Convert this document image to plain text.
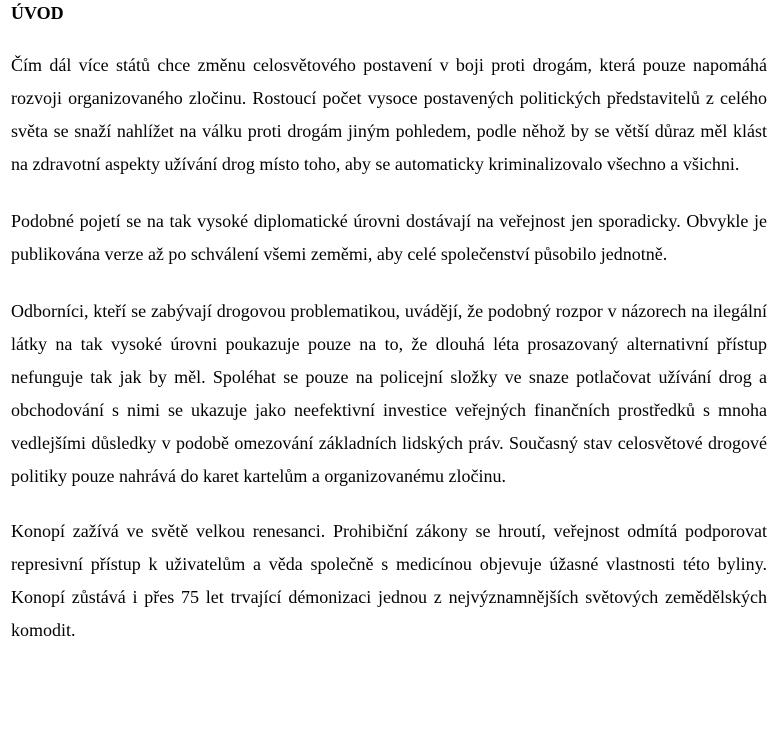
ÚVOD

Čím dál více států chce změnu celosvětového postavení v boji proti drogám, která pouze napomáhá rozvoji organizovaného zločinu. Rostoucí počet vysoce postavených politických představitelů z celého světa se snaží nahlížet na válku proti drogám jiným pohledem, podle něhož by se větší důraz měl klást na zdravotní aspekty užívání drog místo toho, aby se automaticky kriminalizovalo všechno a všichni.

Podobné pojetí se na tak vysoké diplomatické úrovni dostávají na veřejnost jen sporadicky. Obvykle je publikována verze až po schválení všemi zeměmi, aby celé společenství působilo jednotně.

Odborníci, kteří se zabývají drogovou problematikou, uvádějí, že podobný rozpor v názorech na ilegální látky na tak vysoké úrovni poukazuje pouze na to, že dlouhá léta prosazovaný alternativní přístup nefunguje tak jak by měl. Spoléhat se pouze na policejní složky ve snaze potlačovat užívání drog a obchodování s nimi se ukazuje jako neefektivní investice veřejných finančních prostředků s mnoha vedlejšími důsledky v podobě omezování základních lidských práv. Současný stav celosvětové drogové politiky pouze nahrává do karet kartelům a organizovanému zločinu.

Konopí zažívá ve světě velkou renesanci. Prohibiční zákony se hroutí, veřejnost odmítá podporovat represivní přístup k uživatelům a věda společně s medicínou objevuje úžasné vlastnosti této byliny. Konopí zůstává i přes 75 let trvající démonizaci jednou z nejvýznamnějších světových zemědělských komodit.
